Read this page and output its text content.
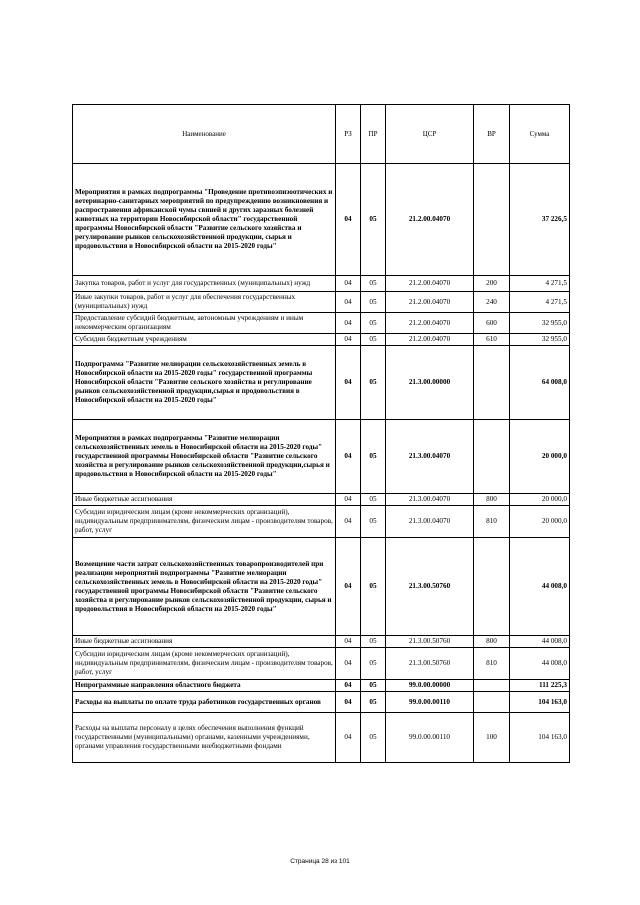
Наименование	РЗ	ПР	ЦСР	ВР	Сумма
Мероприятия в рамках подпрограммы "Проведение противоэпизоотических и ветеринарно-санитарных мероприятий по предупреждению возникновения и распространения африканской чумы свиней и других заразных болезней животных на территории Новосибирской области" государственной программы Новосибирской области "Развитие сельского хозяйства и регулирование рынков сельскохозяйственной продукции, сырья и продовольствия в Новосибирской области на 2015-2020 годы"	04	05	21.2.00.04070		37 226,5
Закупка товаров, работ и услуг для государственных (муниципальных) нужд	04	05	21.2.00.04070	200	4 271,5
Иные закупки товаров, работ и услуг для обеспечения государственных (муниципальных) нужд	04	05	21.2.00.04070	240	4 271,5
Предоставление субсидий бюджетным, автономным учреждениям и иным некоммерческим организациям	04	05	21.2.00.04070	600	32 955,0
Субсидии бюджетным учреждениям	04	05	21.2.00.04070	610	32 955,0
Подпрограмма "Развитие мелиорации сельскохозяйственных земель в Новосибирской области на 2015-2020 годы" государственной программы Новосибирской области "Развитие сельского хозяйства и регулирование рынков сельскохозяйственной продукции,сырья и продовольствия в Новосибирской области на 2015-2020 годы"	04	05	21.3.00.00000		64 008,0
Мероприятия в рамках подпрограммы "Развитие мелиорации сельскохозяйственных земель в Новосибирской области на 2015-2020 годы" государственной программы Новосибирской области "Развитие сельского хозяйства и регулирование рынков сельскохозяйственной продукции,сырья и продовольствия в Новосибирской области на 2015-2020 годы"	04	05	21.3.00.04070		20 000,0
Иные бюджетные ассигнования	04	05	21.3.00.04070	800	20 000,0
Субсидии юридическим лицам (кроме некоммерческих организаций), индивидуальным предпринимателям, физическим лицам - производителям товаров, работ, услуг	04	05	21.3.00.04070	810	20 000,0
Возмещение части затрат сельскохозяйственных товаропроизводителей при реализации мероприятий подпрограммы "Развитие мелиорации сельскохозяйственных земель в Новосибирской области на 2015-2020 годы" государственной программы Новосибирской области "Развитие сельского хозяйства и регулирование рынков сельскохозяйственной продукции, сырья и продовольствия в Новосибирской области на 2015-2020 годы"	04	05	21.3.00.50760		44 008,0
Иные бюджетные ассигнования	04	05	21.3.00.50760	800	44 008,0
Субсидии юридическим лицам (кроме некоммерческих организаций), индивидуальным предпринимателям, физическим лицам - производителям товаров, работ, услуг	04	05	21.3.00.50760	810	44 008,0
Непрограммные направления областного бюджета	04	05	99.0.00.00000		111 225,3
Расходы на выплаты по оплате труда работников государственных органов	04	05	99.0.00.00110		104 163,0
Расходы на выплаты персоналу в целях обеспечения выполнения функций государственными (муниципальными) органами, казенными учреждениями, органами управления государственными внебюджетными фондами	04	05	99.0.00.00110	100	104 163,0
Страница 28 из 101
